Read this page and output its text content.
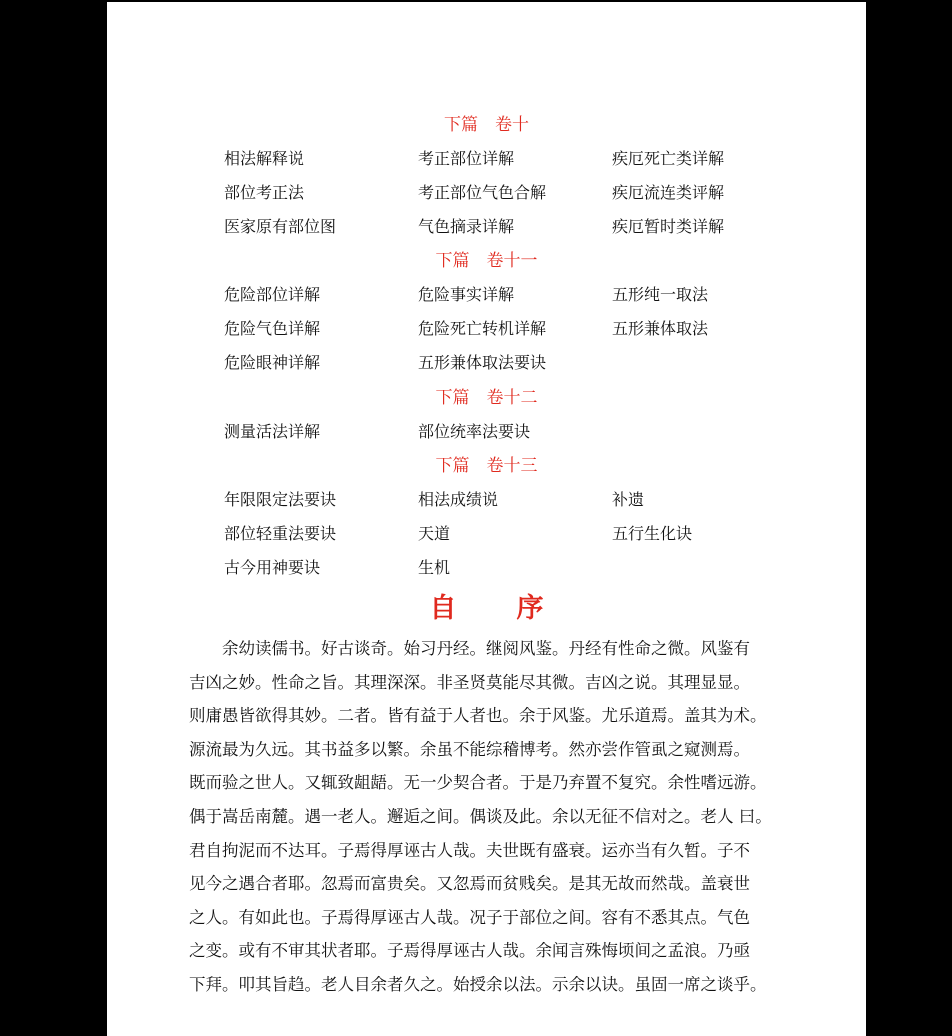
下篇　卷十
相法解释说	考正部位详解	疾厄死亡类详解
部位考正法	考正部位气色合解	疾厄流连类评解
医家原有部位图	气色摘录详解	疾厄暂时类详解
下篇　卷十一
危险部位详解	危险事实详解	五形纯一取法
危险气色详解	危险死亡转机详解	五形兼体取法
危险眼神详解	五形兼体取法要诀
下篇　卷十二
测量活法详解	部位统率法要诀
下篇　卷十三
年限限定法要诀	相法成绩说	补遗
部位轻重法要诀	天道	五行生化诀
古今用神要诀	生机
自序
　　余幼读儒书。好古谈奇。始习丹经。继阅风鉴。丹经有性命之微。风鉴有
吉凶之妙。性命之旨。其理深深。非圣贤莫能尽其微。吉凶之说。其理显显。
则庸愚皆欲得其妙。二者。皆有益于人者也。余于风鉴。尤乐道焉。盖其为术。
源流最为久远。其书益多以繁。余虽不能综稽博考。然亦尝作管虱之窥测焉。
既而验之世人。又辄致龃龉。无一少契合者。于是乃弃置不复究。余性嗜远游。
偶于嵩岳南麓。遇一老人。邂逅之间。偶谈及此。余以无征不信对之。老人 曰。
君自拘泥而不达耳。子焉得厚诬古人哉。夫世既有盛衰。运亦当有久暂。子不
见今之遇合者耶。忽焉而富贵矣。又忽焉而贫贱矣。是其无故而然哉。盖衰世
之人。有如此也。子焉得厚诬古人哉。况子于部位之间。容有不悉其点。气色
之变。或有不审其状者耶。子焉得厚诬古人哉。余闻言殊悔顷间之孟浪。乃亟
下拜。叩其旨趋。老人目余者久之。始授余以法。示余以诀。虽固一席之谈乎。
